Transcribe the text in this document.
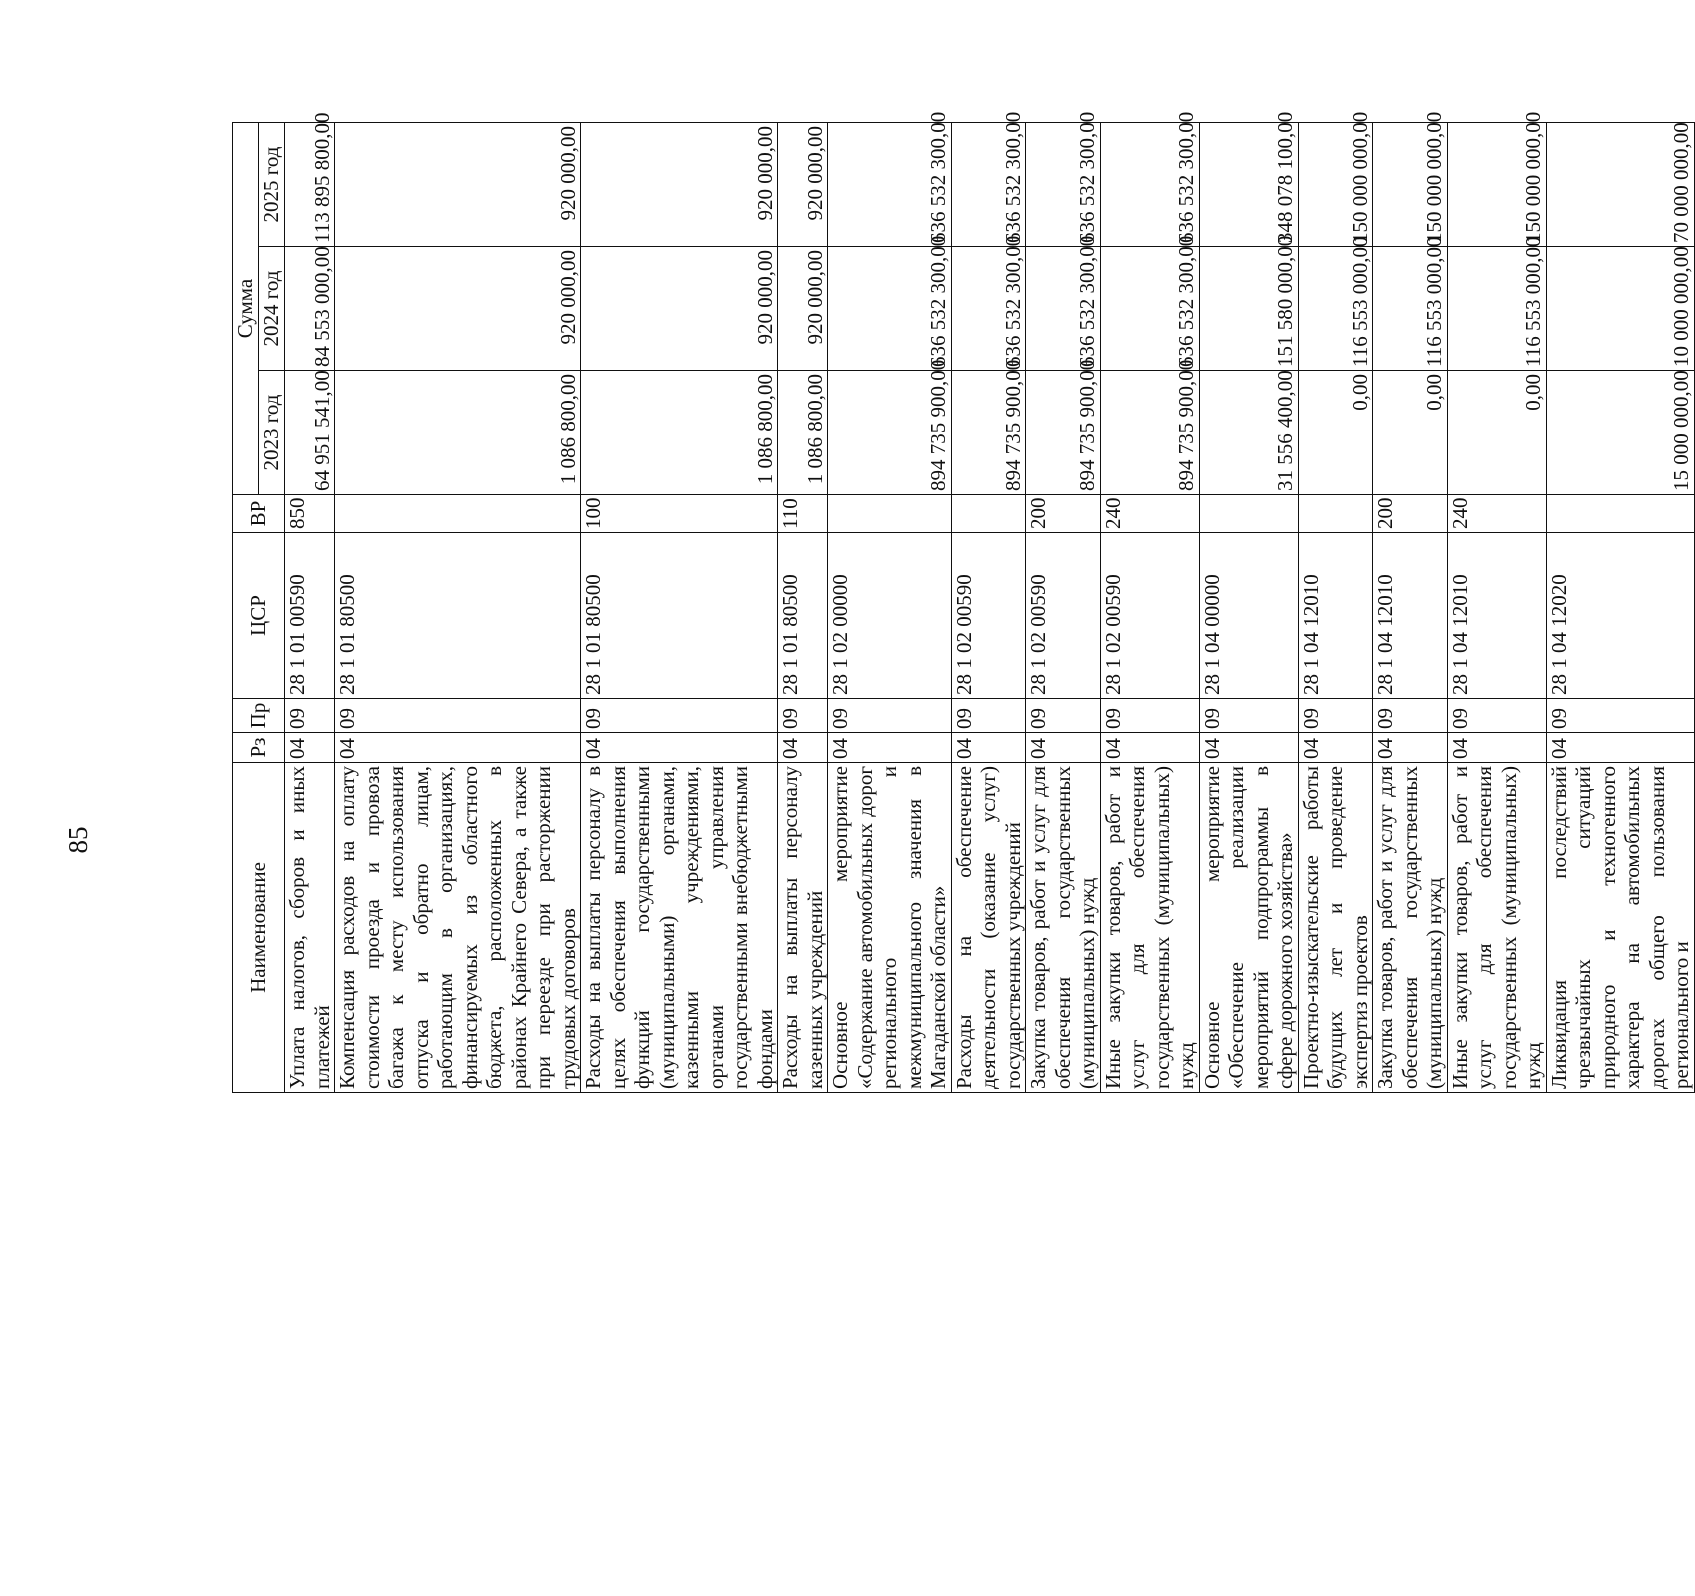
85
Наименование	Рз	Пр	ЦСР	ВР	Сумма		
					2023 год	2024 год	2025 год
Уплата налогов, сборов и иных платежей	04	09	28 1 01 00590	850	64 951 541,00	84 553 000,00	113 895 800,00
Компенсация расходов на оплату стоимости проезда и провоза багажа к месту использования отпуска и обратно лицам, работающим в организациях, финансируемых из областного бюджета, расположенных в районах Крайнего Севера, а также при переезде при расторжении трудовых договоров	04	09	28 1 01 80500		1 086 800,00	920 000,00	920 000,00
Расходы на выплаты персоналу в целях обеспечения выполнения функций государственными (муниципальными) органами, казенными учреждениями, органами управления государственными внебюджетными фондами	04	09	28 1 01 80500	100	1 086 800,00	920 000,00	920 000,00
Расходы на выплаты персоналу казенных учреждений	04	09	28 1 01 80500	110	1 086 800,00	920 000,00	920 000,00
Основное мероприятие «Содержание автомобильных дорог регионального и межмуниципального значения в Магаданской области»	04	09	28 1 02 00000		894 735 900,00	636 532 300,00	636 532 300,00
Расходы на обеспечение деятельности (оказание услуг) государственных учреждений	04	09	28 1 02 00590		894 735 900,00	636 532 300,00	636 532 300,00
Закупка товаров, работ и услуг для обеспечения государственных (муниципальных) нужд	04	09	28 1 02 00590	200	894 735 900,00	636 532 300,00	636 532 300,00
Иные закупки товаров, работ и услуг для обеспечения государственных (муниципальных) нужд	04	09	28 1 02 00590	240	894 735 900,00	636 532 300,00	636 532 300,00
Основное мероприятие «Обеспечение реализации мероприятий подпрограммы в сфере дорожного хозяйства»	04	09	28 1 04 00000		31 556 400,00	151 580 000,00	348 078 100,00
Проектно-изыскательские работы будущих лет и проведение экспертиз проектов	04	09	28 1 04 12010		0,00	116 553 000,00	150 000 000,00
Закупка товаров, работ и услуг для обеспечения государственных (муниципальных) нужд	04	09	28 1 04 12010	200	0,00	116 553 000,00	150 000 000,00
Иные закупки товаров, работ и услуг для обеспечения государственных (муниципальных) нужд	04	09	28 1 04 12010	240	0,00	116 553 000,00	150 000 000,00
Ликвидация последствий чрезвычайных ситуаций природного и техногенного характера на автомобильных дорогах общего пользования регионального и	04	09	28 1 04 12020		15 000 000,00	10 000 000,00	70 000 000,00
